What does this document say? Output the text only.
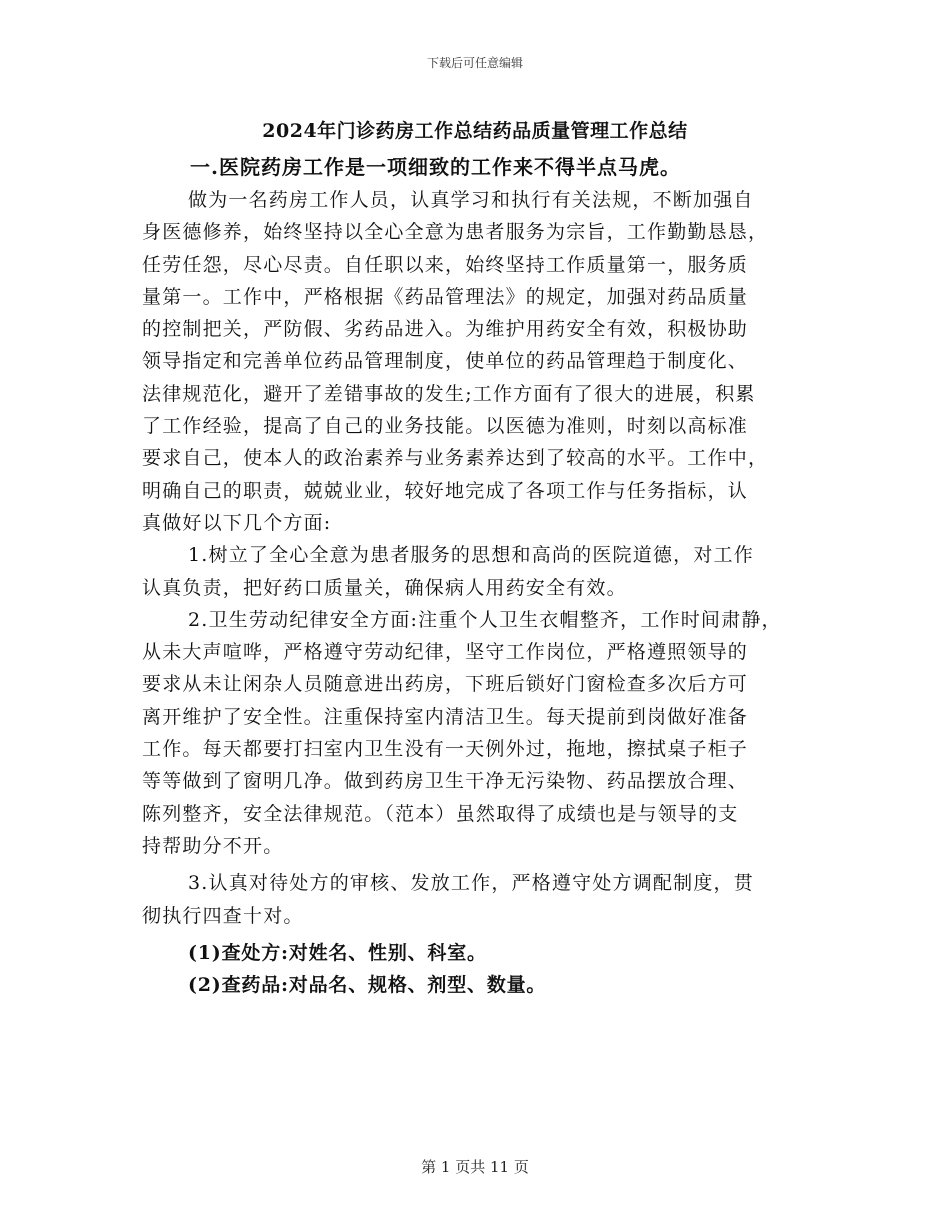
下载后可任意编辑
2024年门诊药房工作总结药品质量管理工作总结
一.医院药房工作是一项细致的工作来不得半点马虎。
做为一名药房工作人员，认真学习和执行有关法规，不断加强自
身医德修养，始终坚持以全心全意为患者服务为宗旨，工作勤勤恳恳，
任劳任怨，尽心尽责。自任职以来，始终坚持工作质量第一，服务质
量第一。工作中，严格根据《药品管理法》的规定，加强对药品质量
的控制把关，严防假、劣药品进入。为维护用药安全有效，积极协助
领导指定和完善单位药品管理制度，使单位的药品管理趋于制度化、
法律规范化，避开了差错事故的发生;工作方面有了很大的进展，积累
了工作经验，提高了自己的业务技能。以医德为准则，时刻以高标准
要求自己，使本人的政治素养与业务素养达到了较高的水平。工作中，
明确自己的职责，兢兢业业，较好地完成了各项工作与任务指标，认
真做好以下几个方面:
1.树立了全心全意为患者服务的思想和高尚的医院道德，对工作
认真负责，把好药口质量关，确保病人用药安全有效。
2.卫生劳动纪律安全方面:注重个人卫生衣帽整齐，工作时间肃静，
从未大声喧哗，严格遵守劳动纪律，坚守工作岗位，严格遵照领导的
要求从未让闲杂人员随意进出药房，下班后锁好门窗检查多次后方可
离开维护了安全性。注重保持室内清洁卫生。每天提前到岗做好准备
工作。每天都要打扫室内卫生没有一天例外过，拖地，擦拭桌子柜子
等等做到了窗明几净。做到药房卫生干净无污染物、药品摆放合理、
陈列整齐，安全法律规范。（范本）虽然取得了成绩也是与领导的支
持帮助分不开。
3.认真对待处方的审核、发放工作，严格遵守处方调配制度，贯
彻执行四查十对。
(1)查处方:对姓名、性别、科室。
(2)查药品:对品名、规格、剂型、数量。
第 1 页共 11 页
